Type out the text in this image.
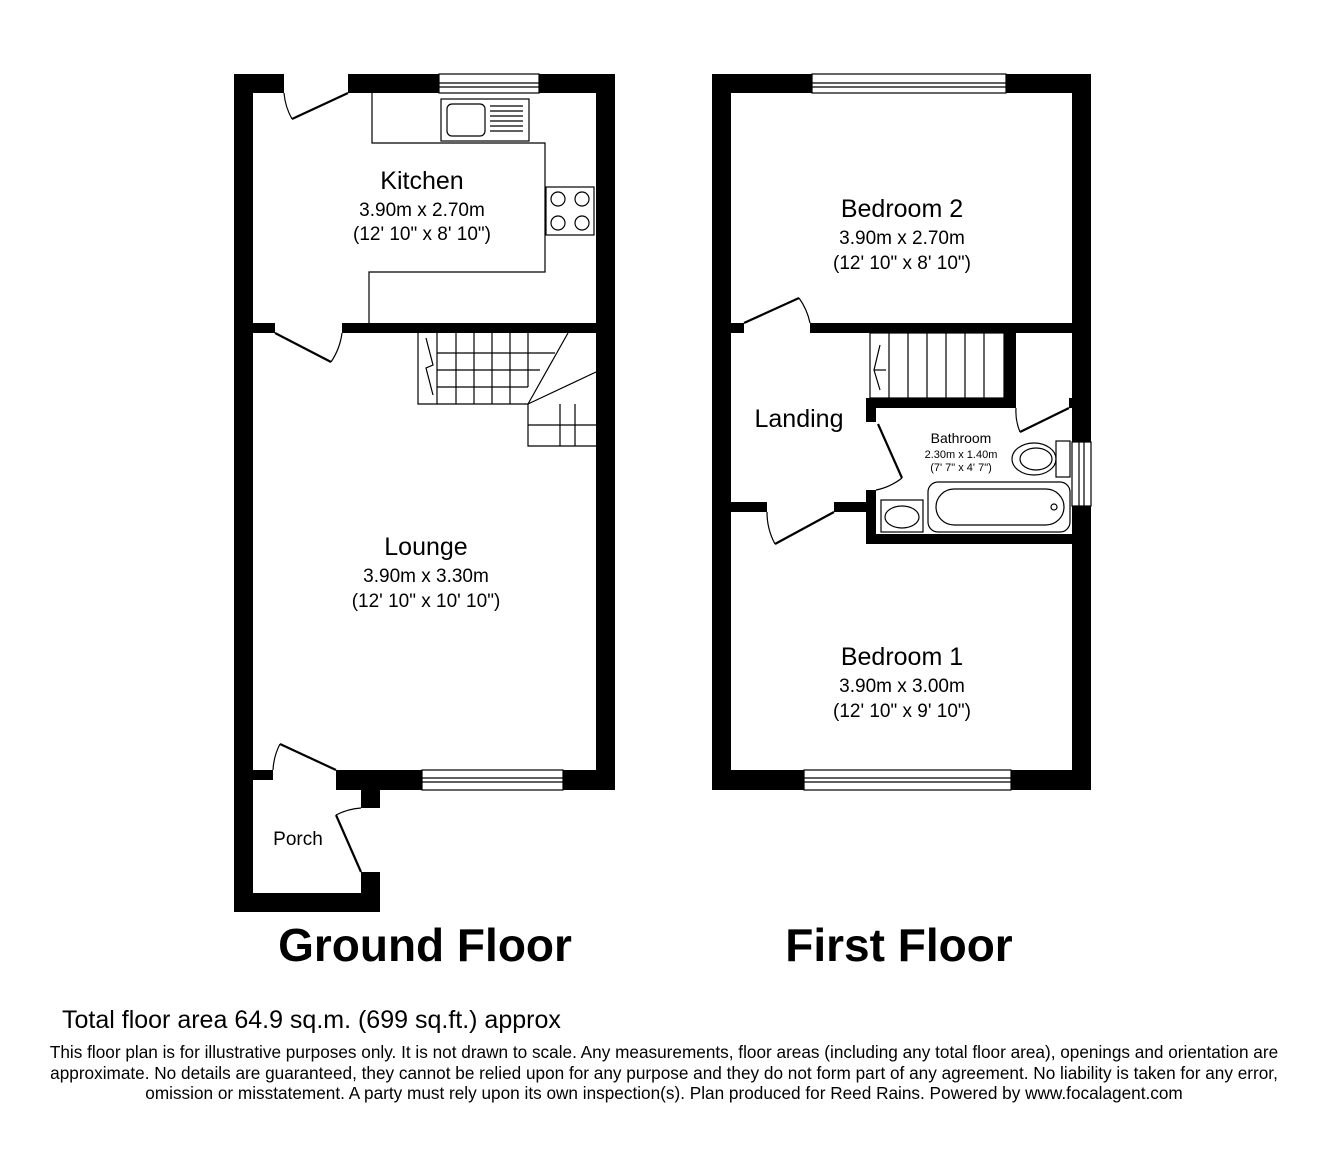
Kitchen
3.90m x 2.70m
(12' 10" x 8' 10")
Lounge
3.90m x 3.30m
(12' 10" x 10' 10")
Porch
Bedroom 2
3.90m x 2.70m
(12' 10" x 8' 10")
Landing
Bathroom
2.30m x 1.40m
(7' 7" x 4' 7")
Bedroom 1
3.90m x 3.00m
(12' 10" x 9' 10")
Ground Floor	First Floor
Total floor area 64.9 sq.m. (699 sq.ft.) approx
This floor plan is for illustrative purposes only. It is not drawn to scale. Any measurements, floor areas (including any total floor area), openings and orientation are approximate. No details are guaranteed, they cannot be relied upon for any purpose and they do not form part of any agreement. No liability is taken for any error, omission or misstatement. A party must rely upon its own inspection(s). Plan produced for Reed Rains. Powered by www.focalagent.com
